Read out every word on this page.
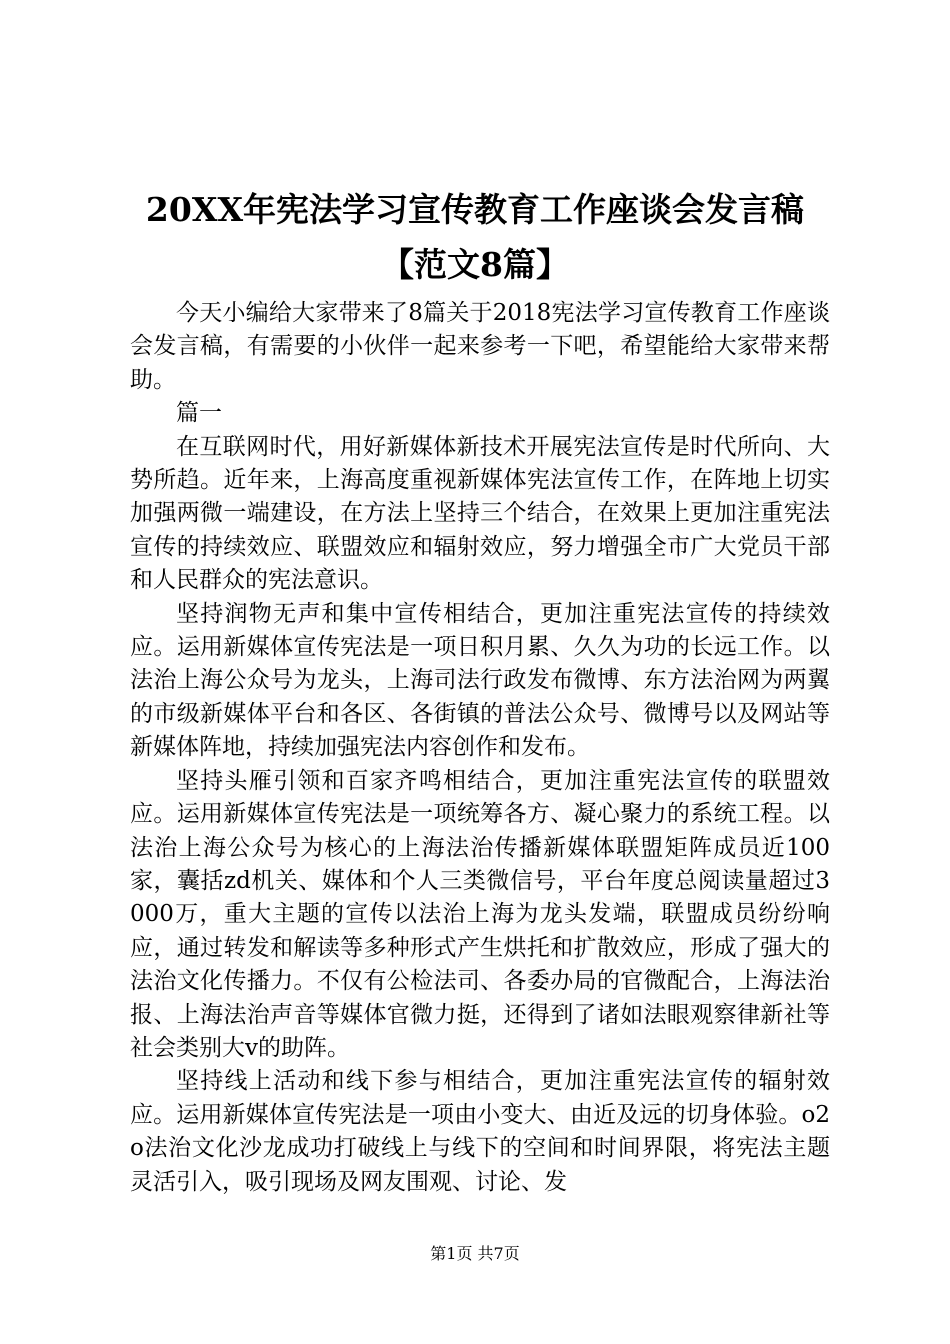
20XX年宪法学习宣传教育工作座谈会发言稿
【范文8篇】

今天小编给大家带来了8篇关于2018宪法学习宣传教育工作座谈会发言稿，有需要的小伙伴一起来参考一下吧，希望能给大家带来帮助。

篇一

在互联网时代，用好新媒体新技术开展宪法宣传是时代所向、大势所趋。近年来，上海高度重视新媒体宪法宣传工作，在阵地上切实加强两微一端建设，在方法上坚持三个结合，在效果上更加注重宪法宣传的持续效应、联盟效应和辐射效应，努力增强全市广大党员干部和人民群众的宪法意识。

坚持润物无声和集中宣传相结合，更加注重宪法宣传的持续效应。运用新媒体宣传宪法是一项日积月累、久久为功的长远工作。以法治上海公众号为龙头，上海司法行政发布微博、东方法治网为两翼的市级新媒体平台和各区、各街镇的普法公众号、微博号以及网站等新媒体阵地，持续加强宪法内容创作和发布。

坚持头雁引领和百家齐鸣相结合，更加注重宪法宣传的联盟效应。运用新媒体宣传宪法是一项统筹各方、凝心聚力的系统工程。以法治上海公众号为核心的上海法治传播新媒体联盟矩阵成员近100家，囊括zd机关、媒体和个人三类微信号，平台年度总阅读量超过3000万，重大主题的宣传以法治上海为龙头发端，联盟成员纷纷响应，通过转发和解读等多种形式产生烘托和扩散效应，形成了强大的法治文化传播力。不仅有公检法司、各委办局的官微配合，上海法治报、上海法治声音等媒体官微力挺，还得到了诸如法眼观察律新社等社会类别大v的助阵。

坚持线上活动和线下参与相结合，更加注重宪法宣传的辐射效应。运用新媒体宣传宪法是一项由小变大、由近及远的切身体验。o2o法治文化沙龙成功打破线上与线下的空间和时间界限，将宪法主题灵活引入，吸引现场及网友围观、讨论、发

第1页 共7页
